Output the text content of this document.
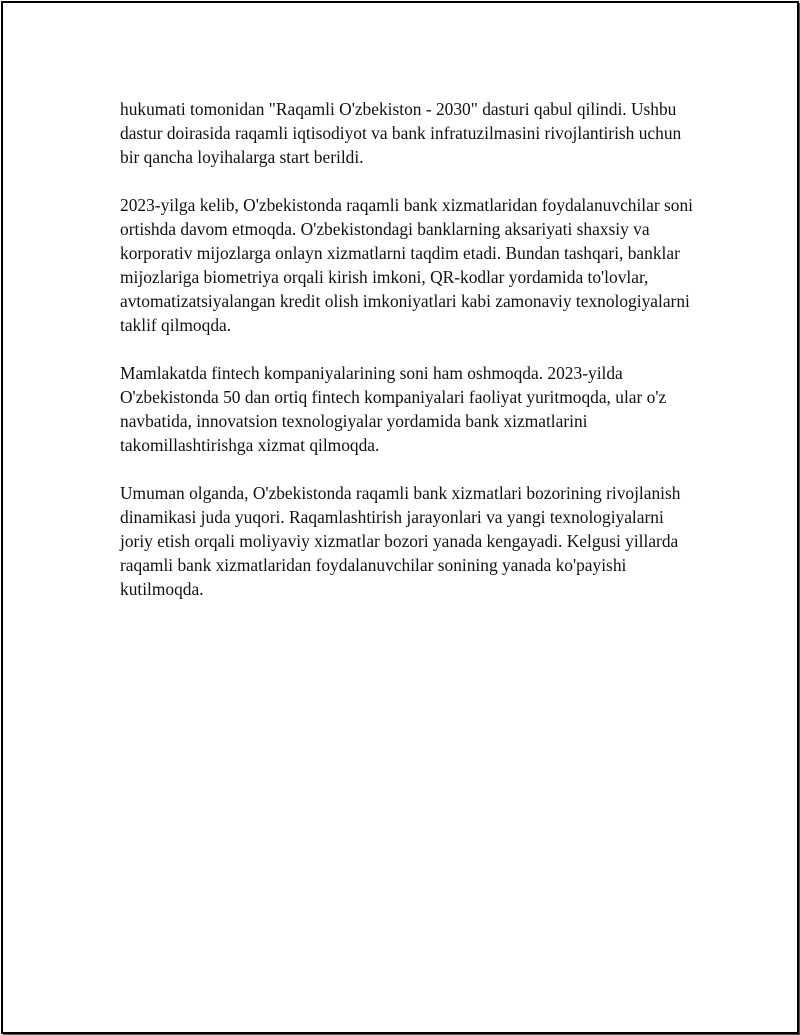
hukumati tomonidan "Raqamli O'zbekiston - 2030" dasturi qabul qilindi. Ushbu dastur doirasida raqamli iqtisodiyot va bank infratuzilmasini rivojlantirish uchun bir qancha loyihalarga start berildi.

2023-yilga kelib, O'zbekistonda raqamli bank xizmatlaridan foydalanuvchilar soni ortishda davom etmoqda. O'zbekistondagi banklarning aksariyati shaxsiy va korporativ mijozlarga onlayn xizmatlarni taqdim etadi. Bundan tashqari, banklar mijozlariga biometriya orqali kirish imkoni, QR-kodlar yordamida to'lovlar, avtomatizatsiyalangan kredit olish imkoniyatlari kabi zamonaviy texnologiyalarni taklif qilmoqda.

Mamlakatda fintech kompaniyalarining soni ham oshmoqda. 2023-yilda O'zbekistonda 50 dan ortiq fintech kompaniyalari faoliyat yuritmoqda, ular o'z navbatida, innovatsion texnologiyalar yordamida bank xizmatlarini takomillashtirishga xizmat qilmoqda.

Umuman olganda, O'zbekistonda raqamli bank xizmatlari bozorining rivojlanish dinamikasi juda yuqori. Raqamlashtirish jarayonlari va yangi texnologiyalarni joriy etish orqali moliyaviy xizmatlar bozori yanada kengayadi. Kelgusi yillarda raqamli bank xizmatlaridan foydalanuvchilar sonining yanada ko'payishi kutilmoqda.
